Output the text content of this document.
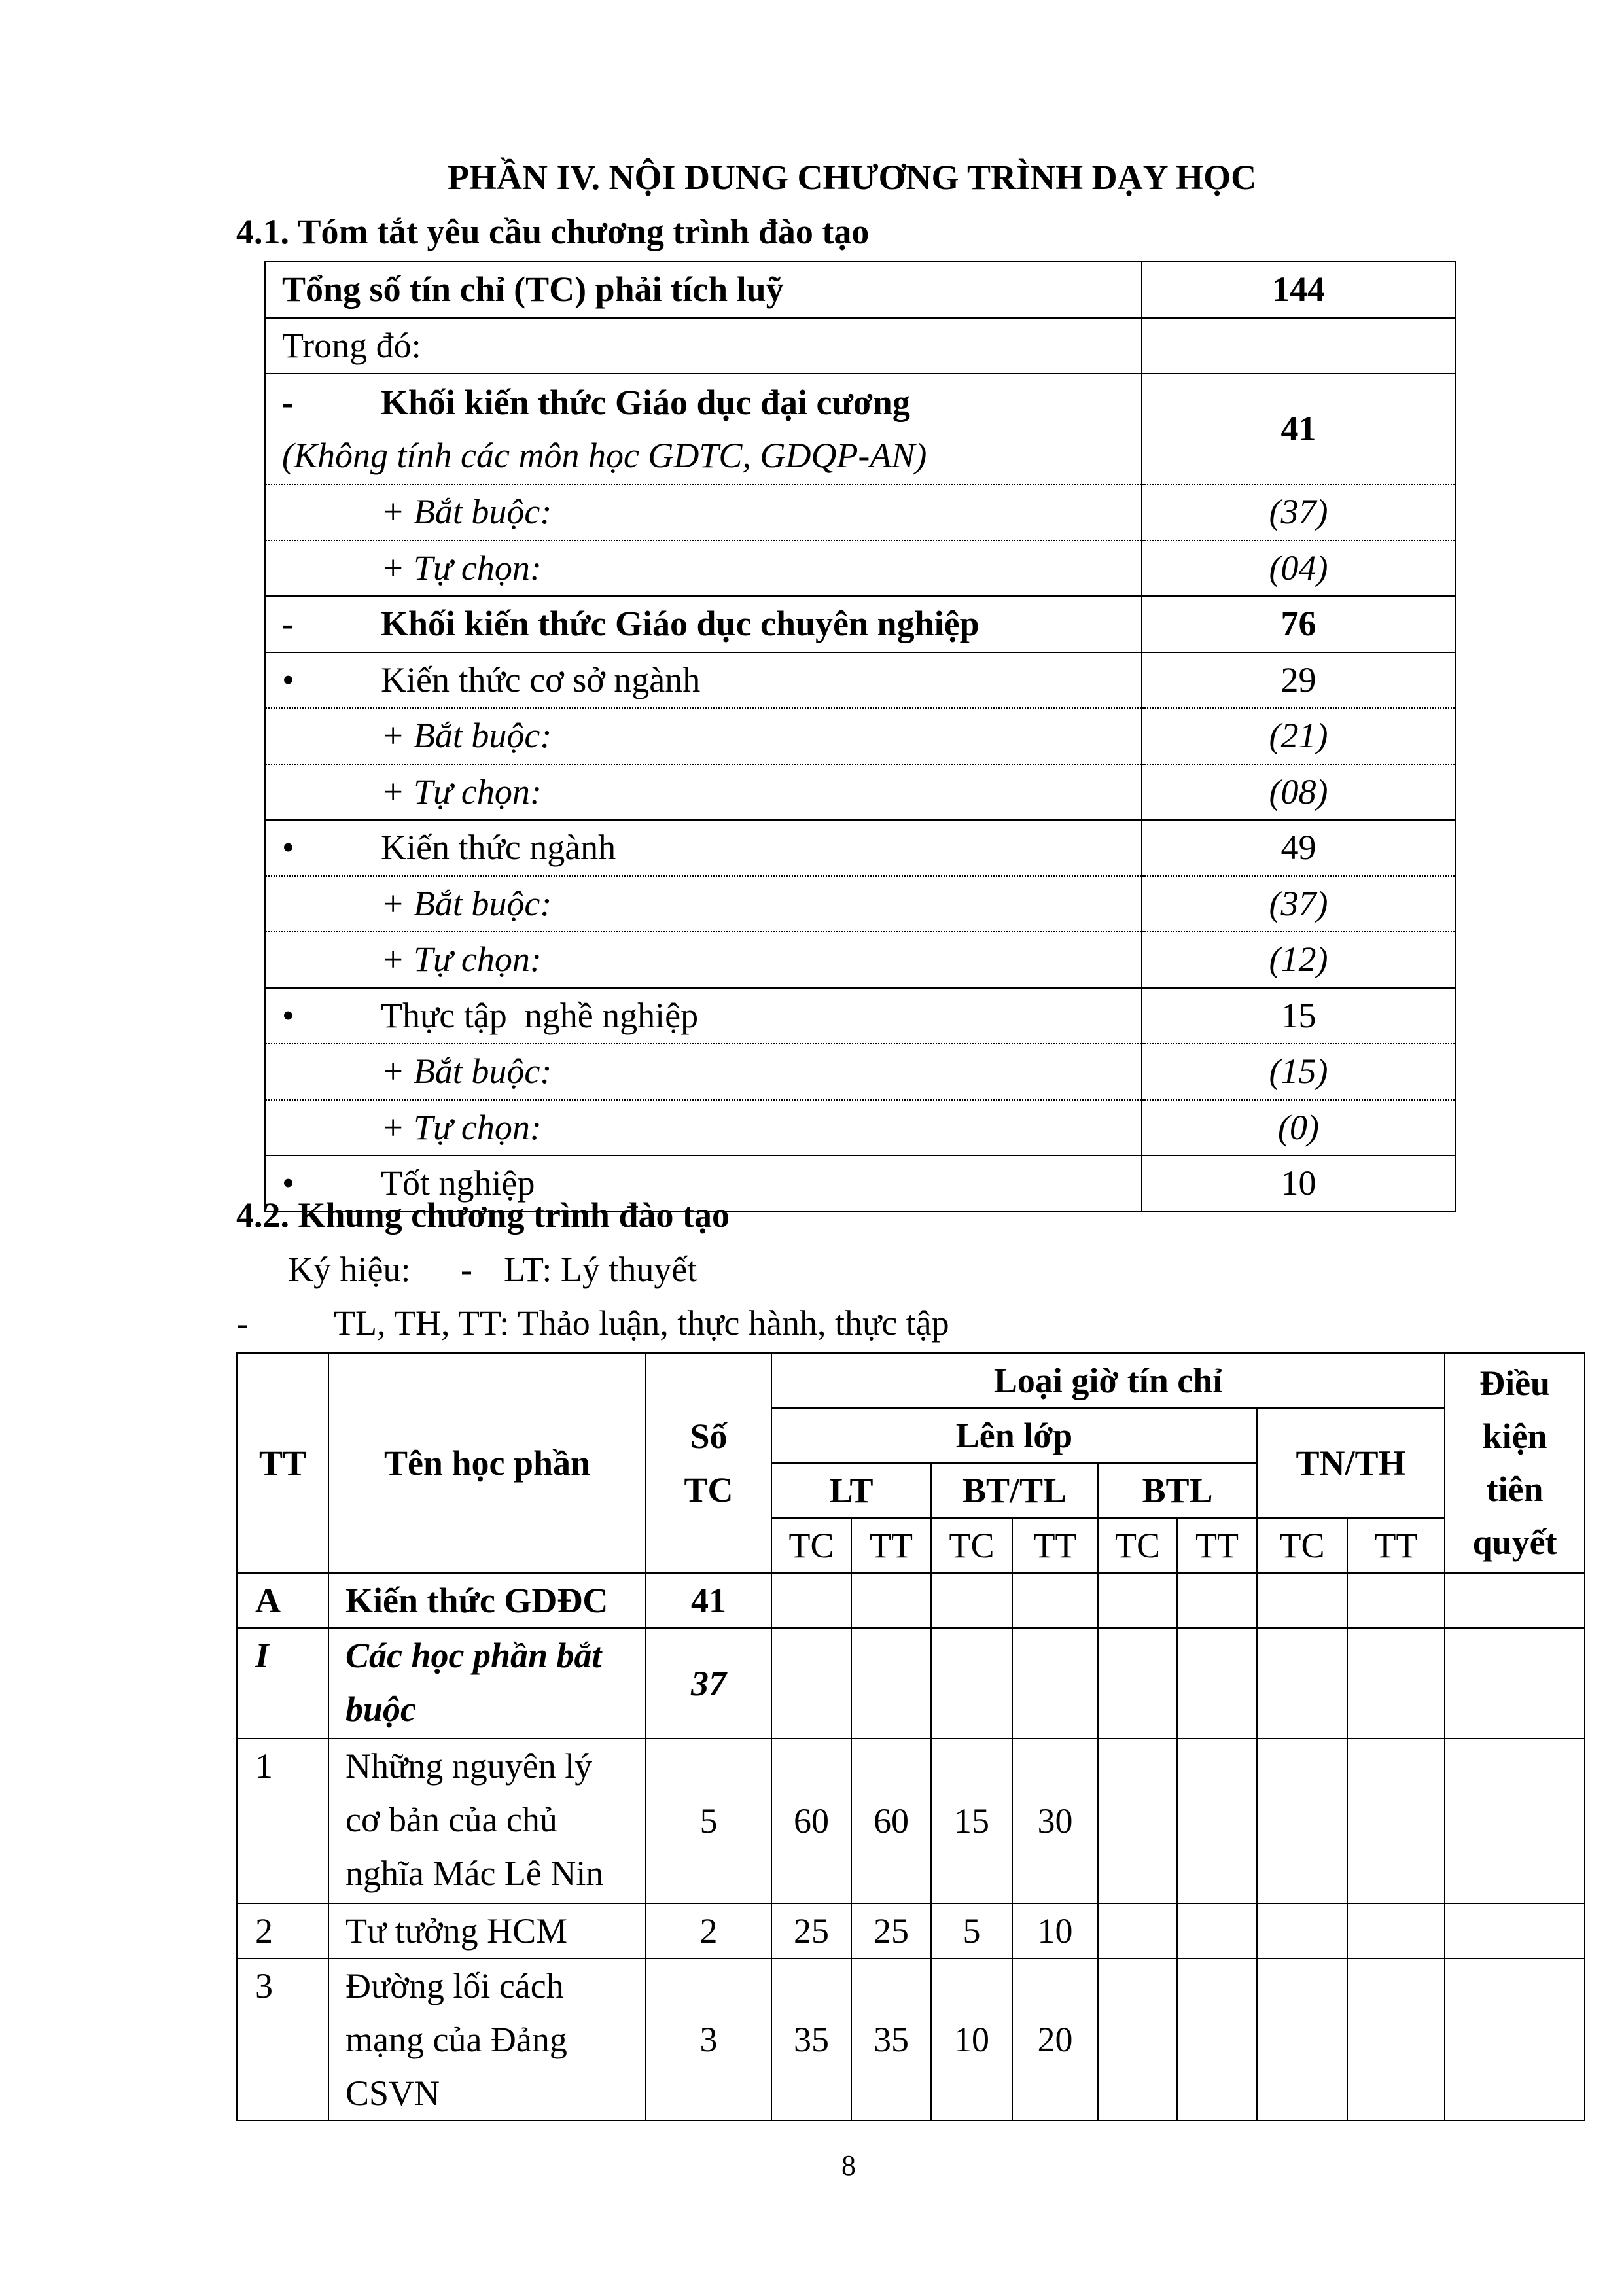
PHẦN IV. NỘI DUNG CHƯƠNG TRÌNH DẠY HỌC
4.1. Tóm tắt yêu cầu chương trình đào tạo
Tổng số tín chỉ (TC) phải tích luỹ	144
Trong đó:	

- Khối kiến thức Giáo dục đại cương
(Không tính các môn học GDTC, GDQP-AN)	41
+ Bắt buộc:	(37)
+ Tự chọn:	(04)
- Khối kiến thức Giáo dục chuyên nghiệp	76
• Kiến thức cơ sở ngành	29
+ Bắt buộc:	(21)
+ Tự chọn:	(08)
• Kiến thức ngành	49
+ Bắt buộc:	(37)
+ Tự chọn:	(12)
• Thực tập  nghề nghiệp	15
+ Bắt buộc:	(15)
+ Tự chọn:	(0)
• Tốt nghiệp	10
4.2. Khung chương trình đào tạo
Ký hiệu: - LT: Lý thuyết
- TL, TH, TT: Thảo luận, thực hành, thực tập
TT	Tên học phần	Số TC	Loại giờ tín chỉ								Điều kiện tiên quyết
			Lên lớp						TN/TH		
			LT		BT/TL		BTL				
			TC	TT	TC	TT	TC	TT	TC	TT	
A	Kiến thức GDĐC	41									
I	Các học phần bắt buộc	37									
1	Những nguyên lý cơ bản của chủ nghĩa Mác Lê Nin	5	60	60	15	30					
2	Tư tưởng HCM	2	25	25	5	10					
3	Đường lối cách mạng của Đảng CSVN	3	35	35	10	20					
8
